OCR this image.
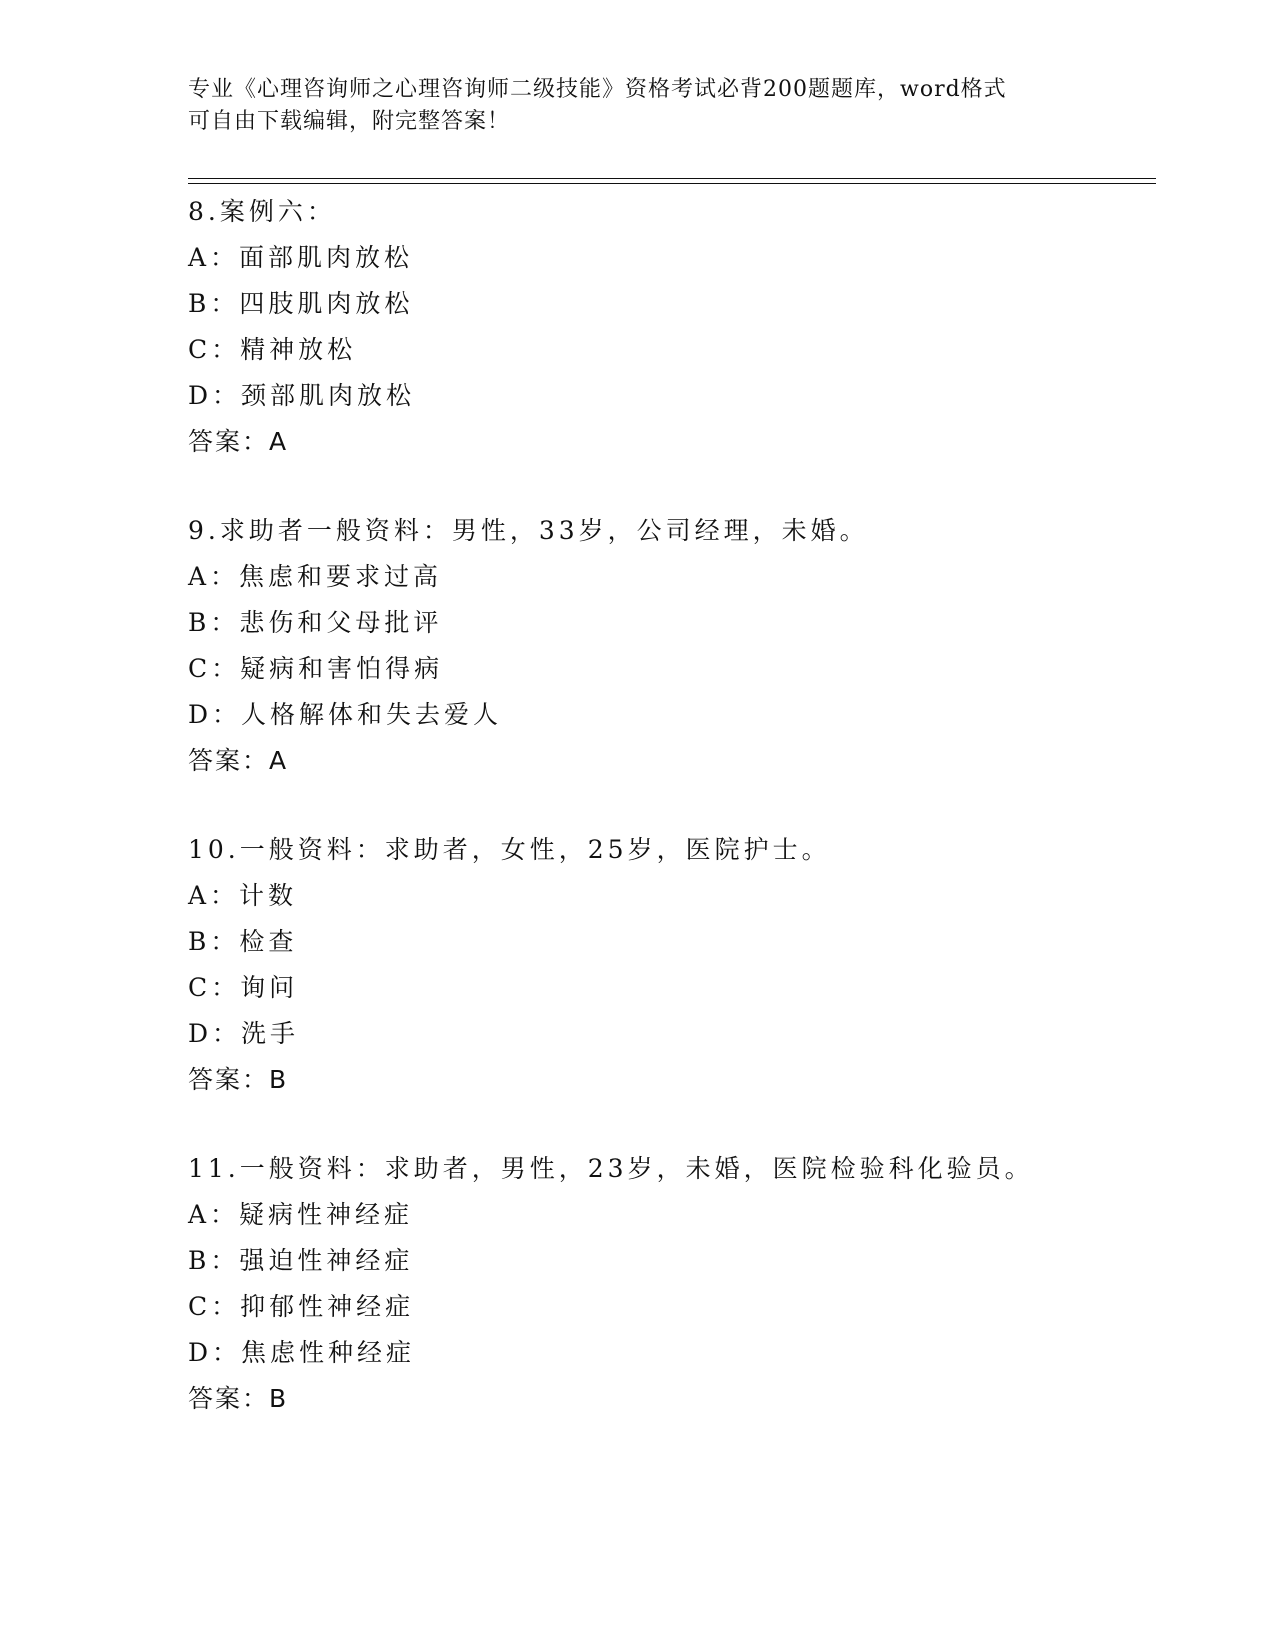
专业《心理咨询师之心理咨询师二级技能》资格考试必背200题题库，word格式
可自由下载编辑，附完整答案！
8.案例六：
A：面部肌肉放松
B：四肢肌肉放松
C：精神放松
D：颈部肌肉放松
答案：A
9.求助者一般资料：男性，33岁，公司经理，未婚。
A：焦虑和要求过高
B：悲伤和父母批评
C：疑病和害怕得病
D：人格解体和失去爱人
答案：A
10.一般资料：求助者，女性，25岁，医院护士。
A：计数
B：检查
C：询问
D：洗手
答案：B
11.一般资料：求助者，男性，23岁，未婚，医院检验科化验员。
A：疑病性神经症
B：强迫性神经症
C：抑郁性神经症
D：焦虑性种经症
答案：B
